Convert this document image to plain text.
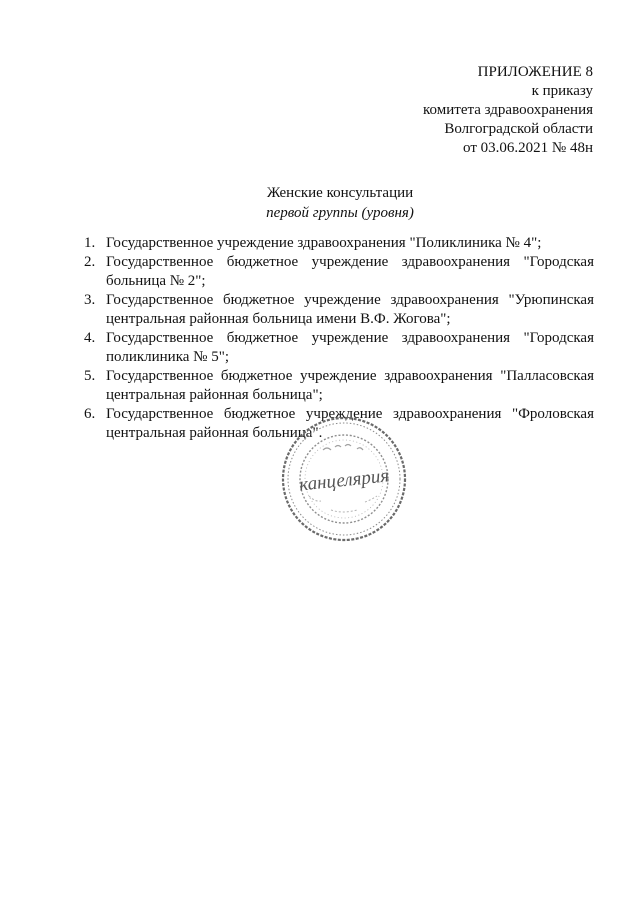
ПРИЛОЖЕНИЕ 8
к приказу
комитета здравоохранения
Волгоградской области
от 03.06.2021 № 48н
Женские консультации
первой группы (уровня)
1. Государственное учреждение здравоохранения "Поликлиника № 4";
2. Государственное бюджетное учреждение здравоохранения "Городская больница № 2";
3. Государственное бюджетное учреждение здравоохранения "Урюпинская центральная районная больница имени В.Ф. Жогова";
4. Государственное бюджетное учреждение здравоохранения "Городская поликлиника № 5";
5. Государственное бюджетное учреждение здравоохранения "Палласовская центральная районная больница";
6. Государственное бюджетное учреждение здравоохранения "Фроловская центральная районная больница".
канцелярия
